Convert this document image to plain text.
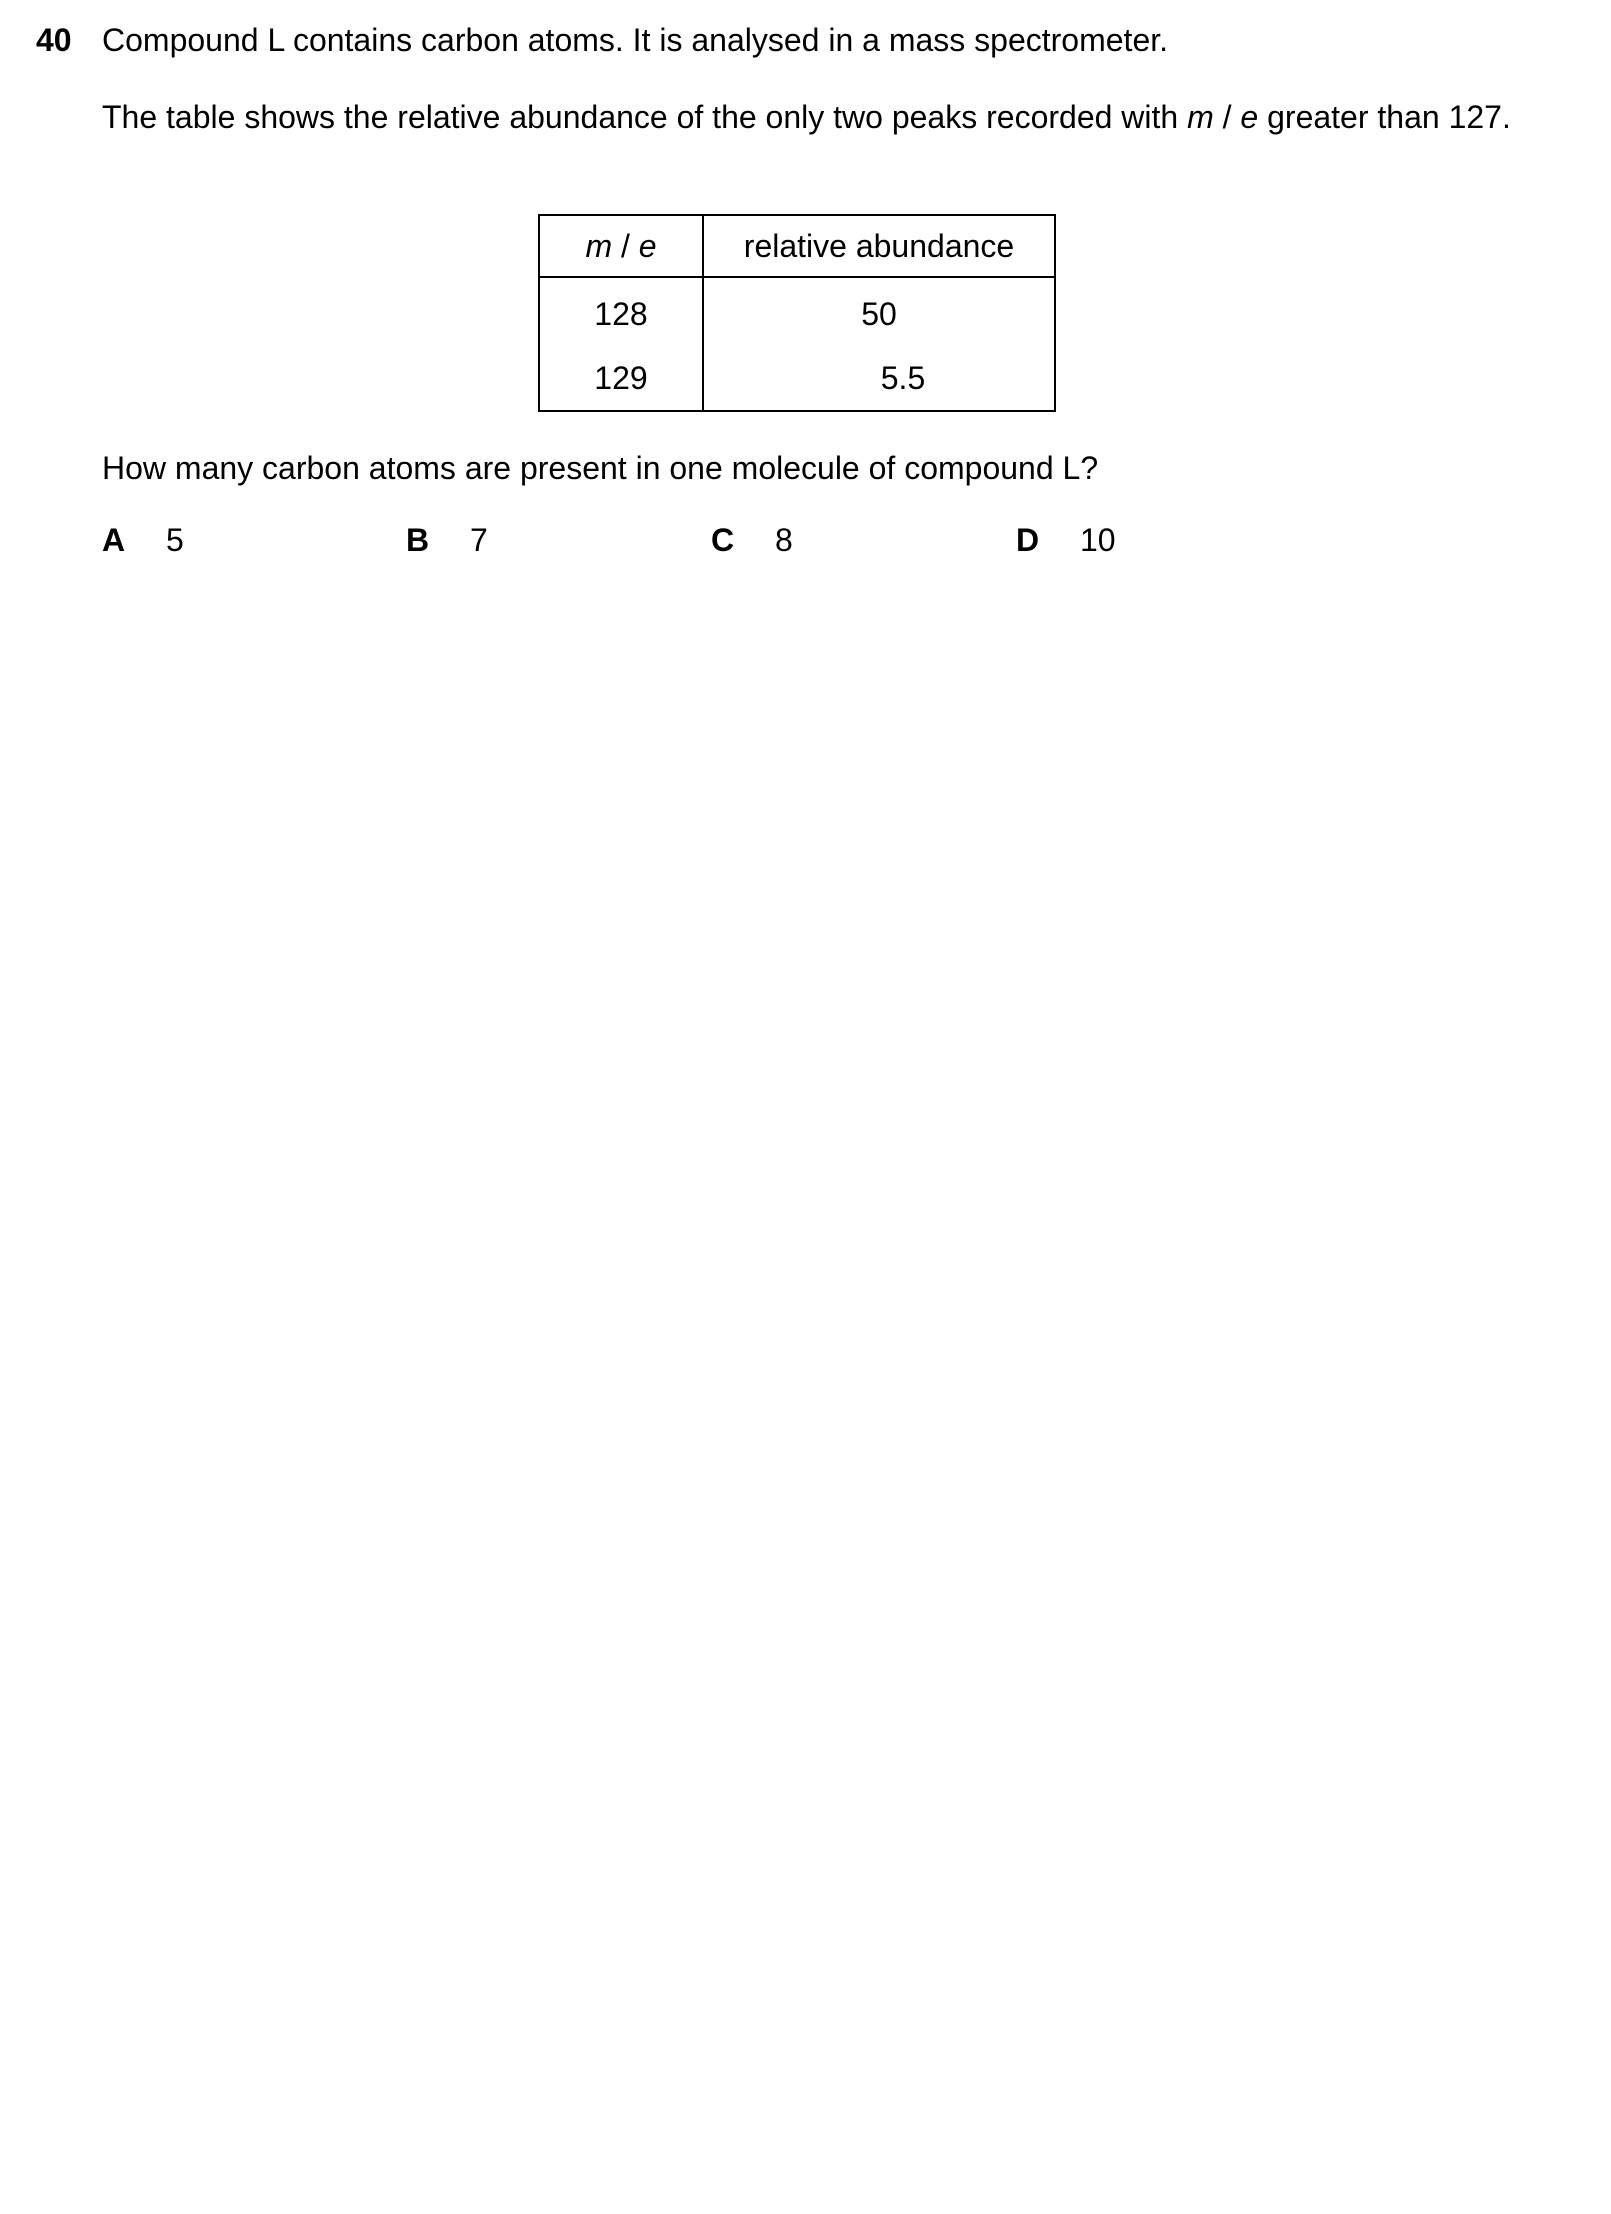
40 Compound L contains carbon atoms. It is analysed in a mass spectrometer.
The table shows the relative abundance of the only two peaks recorded with m / e greater than 127.
m / e	relative abundance
128	50
129	5.5
How many carbon atoms are present in one molecule of compound L?
A 5	B 7	C 8	D 10
